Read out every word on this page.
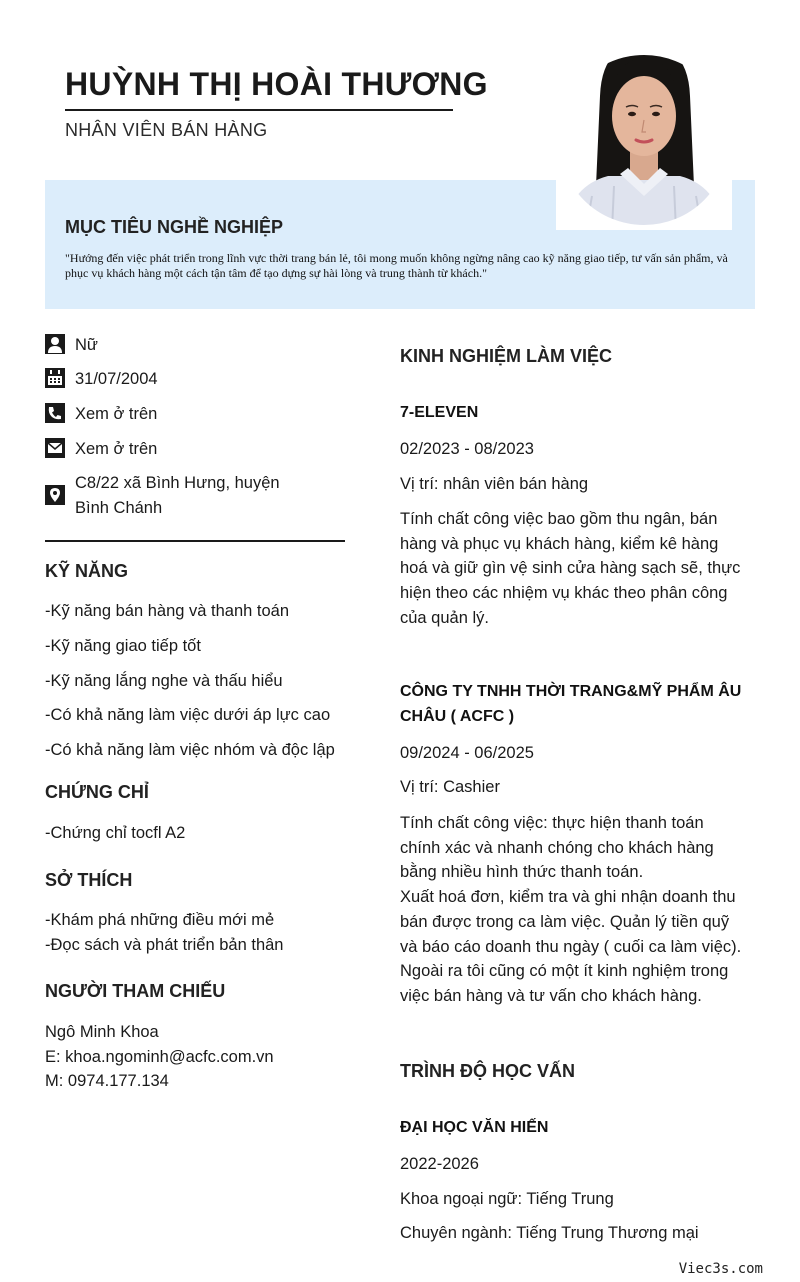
HUỲNH THỊ HOÀI THƯƠNG
NHÂN VIÊN BÁN HÀNG
MỤC TIÊU NGHỀ NGHIỆP
"Hướng đến việc phát triển trong lĩnh vực thời trang bán lẻ, tôi mong muốn không ngừng nâng cao kỹ năng giao tiếp, tư vấn sản phẩm, và phục vụ khách hàng một cách tận tâm để tạo dựng sự hài lòng và trung thành từ khách."
Nữ
31/07/2004
Xem ở trên
Xem ở trên
C8/22 xã Bình Hưng, huyện
Bình Chánh
KỸ NĂNG
-Kỹ năng bán hàng và thanh toán
-Kỹ năng giao tiếp tốt
-Kỹ năng lắng nghe và thấu hiểu
-Có khả năng làm việc dưới áp lực cao
-Có khả năng làm việc nhóm và độc lập
CHỨNG CHỈ
-Chứng chỉ tocfl A2
SỞ THÍCH
-Khám phá những điều mới mẻ
-Đọc sách và phát triển bản thân
NGƯỜI THAM CHIẾU
Ngô Minh Khoa
E: khoa.ngominh@acfc.com.vn
M: 0974.177.134
KINH NGHIỆM LÀM VIỆC
7-ELEVEN
02/2023 - 08/2023
Vị trí: nhân viên bán hàng
Tính chất công việc bao gồm thu ngân, bán
hàng và phục vụ khách hàng, kiểm kê hàng
hoá và giữ gìn vệ sinh cửa hàng sạch sẽ, thực
hiện theo các nhiệm vụ khác theo phân công
của quản lý.
CÔNG TY TNHH THỜI TRANG&MỸ PHẨM ÂU
CHÂU ( ACFC )
09/2024 - 06/2025
Vị trí: Cashier
Tính chất công việc: thực hiện thanh toán
chính xác và nhanh chóng cho khách hàng
bằng nhiều hình thức thanh toán.
Xuất hoá đơn, kiểm tra và ghi nhận doanh thu
bán được trong ca làm việc. Quản lý tiền quỹ
và báo cáo doanh thu ngày ( cuối ca làm việc).
Ngoài ra tôi cũng có một ít kinh nghiệm trong
việc bán hàng và tư vấn cho khách hàng.
TRÌNH ĐỘ HỌC VẤN
ĐẠI HỌC VĂN HIẾN
2022-2026
Khoa ngoại ngữ: Tiếng Trung
Chuyên ngành: Tiếng Trung Thương mại
Viec3s.com
